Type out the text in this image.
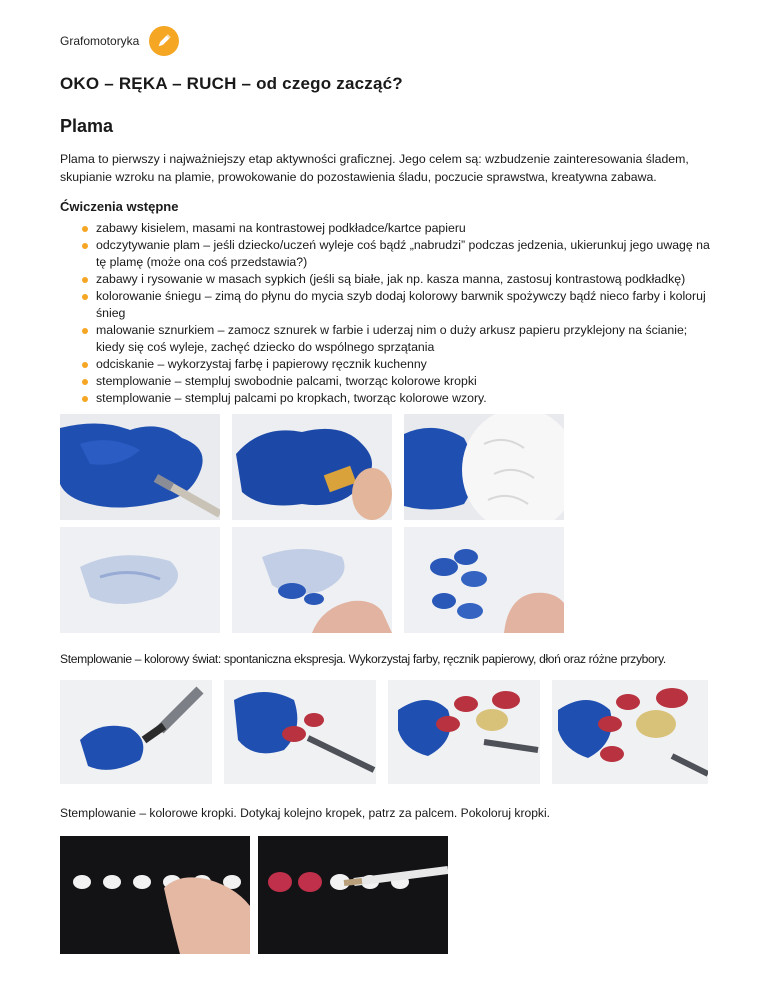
Grafomotoryka
OKO – RĘKA – RUCH – od czego zacząć?
Plama

Plama to pierwszy i najważniejszy etap aktywności graficznej. Jego celem są: wzbudzenie zainteresowania śladem, skupianie wzroku na plamie, prowokowanie do pozostawienia śladu, poczucie sprawstwa, kreatywna zabawa.

Ćwiczenia wstępne
zabawy kisielem, masami na kontrastowej podkładce/kartce papieru
odczytywanie plam – jeśli dziecko/uczeń wyleje coś bądź „nabrudzi” podczas jedzenia, ukierunkuj jego uwagę na tę plamę (może ona coś przedstawia?)
zabawy i rysowanie w masach sypkich (jeśli są białe, jak np. kasza manna, zastosuj kontrastową podkładkę)
kolorowanie śniegu – zimą do płynu do mycia szyb dodaj kolorowy barwnik spożywczy bądź nieco farby i koloruj śnieg
malowanie sznurkiem – zamocz sznurek w farbie i uderzaj nim o duży arkusz papieru przyklejony na ścianie; kiedy się coś wyleje, zachęć dziecko do wspólnego sprzątania
odciskanie – wykorzystaj farbę i papierowy ręcznik kuchenny
stemplowanie – stempluj swobodnie palcami, tworząc kolorowe kropki
stemplowanie – stempluj palcami po kropkach, tworząc kolorowe wzory.

Stemplowanie – kolorowy świat: spontaniczna ekspresja. Wykorzystaj farby, ręcznik papierowy, dłoń oraz różne przybory.

Stemplowanie – kolorowe kropki. Dotykaj kolejno kropek, patrz za palcem. Pokoloruj kropki.
